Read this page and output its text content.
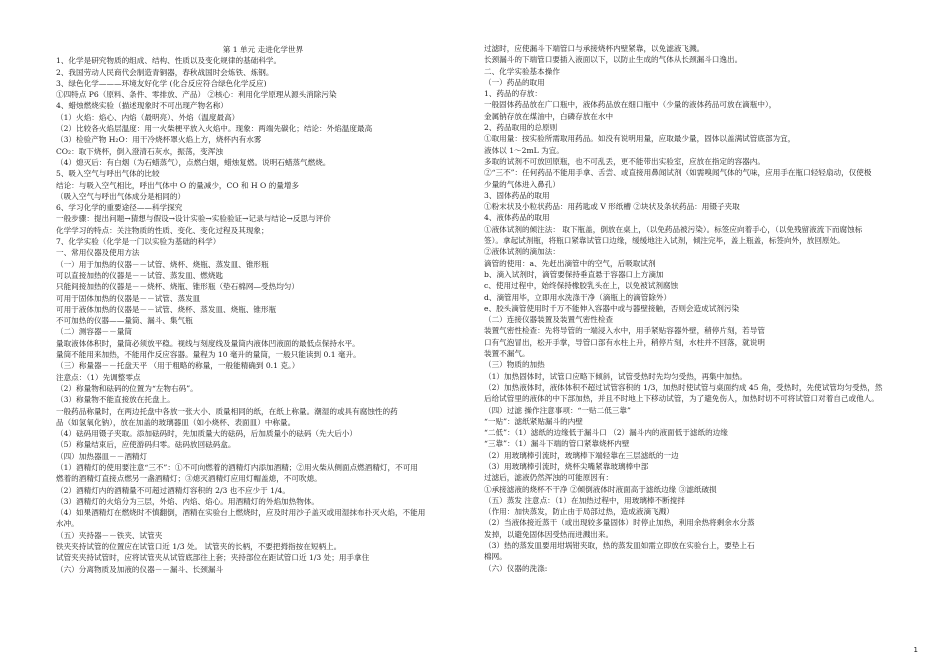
第 1 单元 走进化学世界
1、化学是研究物质的组成、结构、性质以及变化规律的基础科学。
2、我国劳动人民商代会制造青铜器，春秋战国时会炼铁、炼钢。
3、绿色化学———环境友好化学 (化合反应符合绿色化学反应)
①四特点 P6（原料、条件、零排放、产品） ②核心：利用化学原理从源头消除污染
4、蜡烛燃烧实验（描述现象时不可出现产物名称）
（1）火焰：焰心、内焰（最明亮）、外焰（温度最高）
（2）比较各火焰层温度：用一火柴梗平放入火焰中。现象：两端先碳化；结论：外焰温度最高
（3）检验产物 H₂O：用干冷烧杯罩火焰上方，烧杯内有水雾
CO₂：取下烧杯，倒入澄清石灰水，振荡，变浑浊
（4）熄灭后：有白烟（为石蜡蒸气），点燃白烟，蜡烛复燃。说明石蜡蒸气燃烧。
5、吸入空气与呼出气体的比较
结论：与吸入空气相比，呼出气体中 O 的量减少，CO 和 H O 的量增多
（吸入空气与呼出气体成分是相同的）
6、学习化学的重要途径——科学探究
一般步骤：提出问题→猜想与假设→设计实验→实验验证→记录与结论→反思与评价
化学学习的特点：关注物质的性质、变化、变化过程及其现象；
7、化学实验（化学是一门以实验为基础的科学）
一、常用仪器及使用方法
（一）用于加热的仪器－－试管、烧杯、烧瓶、蒸发皿、锥形瓶
可以直接加热的仪器是－－试管、蒸发皿、燃烧匙
只能间接加热的仪器是－－烧杯、烧瓶、锥形瓶（垫石棉网—受热均匀）
可用于固体加热的仪器是－－试管、蒸发皿
可用于液体加热的仪器是－－试管、烧杯、蒸发皿、烧瓶、锥形瓶
不可加热的仪器——量筒、漏斗、集气瓶
（二）测容器－－量筒
量取液体体积时，量筒必须放平稳。视线与刻度线及量筒内液体凹液面的最低点保持水平。
量筒不能用来加热，不能用作反应容器。量程为 10 毫升的量筒，一般只能读到 0.1 毫升。
（三）称量器－－托盘天平 （用于粗略的称量，一般能精确到 0.1 克。）
注意点：（1）先调整零点
（2）称量物和砝码的位置为“左物右码”。
（3）称量物不能直接放在托盘上。
一般药品称量时，在两边托盘中各放一张大小、质量相同的纸，在纸上称量。潮湿的或具有腐蚀性的药
品（如氢氧化钠），放在加盖的玻璃器皿（如小烧杯、表面皿）中称量。
（4）砝码用镊子夹取。添加砝码时，先加质量大的砝码，后加质量小的砝码（先大后小）
（5）称量结束后，应使游码归零。砝码放回砝码盒。
（四）加热器皿－－酒精灯
（1）酒精灯的使用要注意“三不”：①不可向燃着的酒精灯内添加酒精；②用火柴从侧面点燃酒精灯，不可用
燃着的酒精灯直接点燃另一盏酒精灯；③熄灭酒精灯应用灯帽盖熄，不可吹熄。
（2）酒精灯内的酒精量不可超过酒精灯容积的 2/3 也不应少于 1/4。
（3）酒精灯的火焰分为三层，外焰、内焰、焰心。用酒精灯的外焰加热物体。
（4）如果酒精灯在燃烧时不慎翻倒，酒精在实验台上燃烧时，应及时用沙子盖灭或用湿抹布扑灭火焰，不能用
水冲。
（五）夹持器－－铁夹、试管夹
铁夹夹持试管的位置应在试管口近 1/3 处。 试管夹的长柄，不要把拇指按在短柄上。
试管夹夹持试管时，应将试管夹从试管底部往上套；夹持部位在距试管口近 1/3 处；用手拿住
（六）分离物质及加液的仪器－－漏斗、长颈漏斗
过滤时，应使漏斗下端管口与承接烧杯内壁紧靠，以免滤液飞溅。
长颈漏斗的下端管口要插入液面以下，以防止生成的气体从长颈漏斗口逸出。
二、化学实验基本操作
（一）药品的取用
1、药品的存放：
一般固体药品放在广口瓶中，液体药品放在细口瓶中（少量的液体药品可放在滴瓶中），
金属钠存放在煤油中，白磷存放在水中
2、药品取用的总原则
①取用量：按实验所需取用药品。如没有说明用量，应取最少量，固体以盖满试管底部为宜，
液体以 1～2mL 为宜。
多取的试剂不可放回原瓶，也不可乱丢，更不能带出实验室，应放在指定的容器内。
②“三不”：任何药品不能用手拿、舌尝、或直接用鼻闻试剂（如需嗅闻气体的气味，应用手在瓶口轻轻扇动，仅使极
少量的气体进入鼻孔）
3、固体药品的取用
①粉末状及小粒状药品：用药匙或 V 形纸槽 ②块状及条状药品：用镊子夹取
4、液体药品的取用
①液体试剂的倾注法： 取下瓶盖，倒放在桌上，（以免药品被污染）。标签应向着手心，（以免残留液流下而腐蚀标
签）。拿起试剂瓶，将瓶口紧靠试管口边缘，缓缓地注入试剂，倾注完毕，盖上瓶盖，标签向外，放回原处。
②液体试剂的滴加法：
滴管的使用：a、先赶出滴管中的空气，后吸取试剂
b、滴入试剂时，滴管要保持垂直悬于容器口上方滴加
c、使用过程中，始终保持橡胶乳头在上，以免被试剂腐蚀
d、滴管用毕，立即用水洗涤干净（滴瓶上的滴管除外）
e、胶头滴管使用时千万不能伸入容器中或与器壁接触，否则会造成试剂污染
（二）连接仪器装置及装置气密性检查
装置气密性检查：先将导管的一端浸入水中，用手紧贴容器外壁，稍停片刻，若导管
口有气泡冒出，松开手掌，导管口部有水柱上升，稍停片刻，水柱并不回落，就说明
装置不漏气。
（三）物质的加热
（1）加热固体时，试管口应略下倾斜，试管受热时先均匀受热，再集中加热。
（2）加热液体时，液体体积不超过试管容积的 1/3，加热时使试管与桌面约成 45 角，受热时，先使试管均匀受热，然
后给试管里的液体的中下部加热，并且不时地上下移动试管，为了避免伤人，加热时切不可将试管口对着自己或他人。
（四）过滤 操作注意事项：“一贴二低三靠”
“一贴”：滤纸紧贴漏斗的内壁
“二低”：（1）滤纸的边缘低于漏斗口 （2）漏斗内的液面低于滤纸的边缘
“三靠”：（1）漏斗下端的管口紧靠烧杯内壁
（2）用玻璃棒引流时，玻璃棒下端轻靠在三层滤纸的一边
（3）用玻璃棒引流时，烧杯尖嘴紧靠玻璃棒中部
过滤后，滤液仍然浑浊的可能原因有：
①承接滤液的烧杯不干净 ②倾倒液体时液面高于滤纸边缘 ③滤纸破损
（五）蒸发 注意点：（1）在加热过程中，用玻璃棒不断搅拌
（作用：加快蒸发，防止由于局部过热，造成液滴飞溅）
（2）当液体接近蒸干（或出现较多量固体）时停止加热，利用余热将剩余水分蒸
发掉，以避免固体因受热而迸溅出来。
（3）热的蒸发皿要用坩埚钳夹取，热的蒸发皿如需立即放在实验台上，要垫上石
棉网。
（六）仪器的洗涤:
1
